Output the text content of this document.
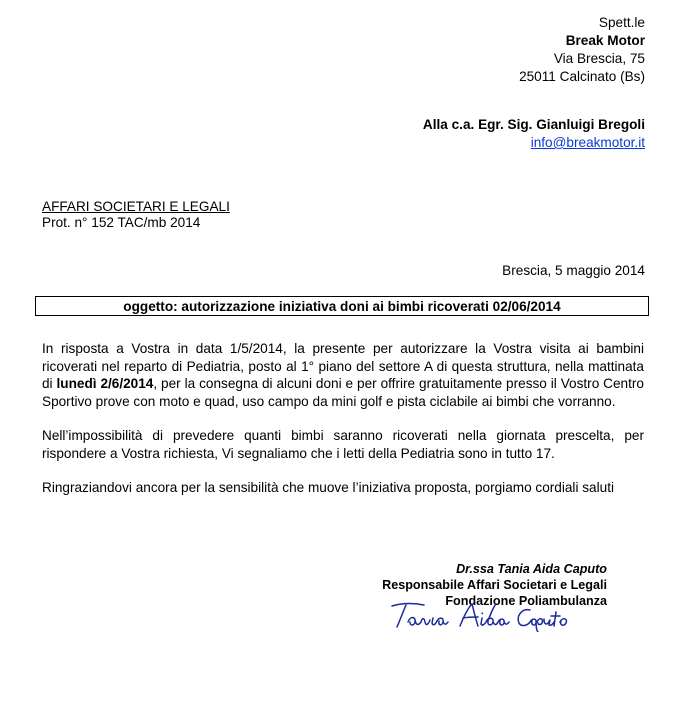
Spett.le
Break Motor
Via Brescia, 75
25011 Calcinato (Bs)
Alla c.a. Egr. Sig. Gianluigi Bregoli
info@breakmotor.it
AFFARI SOCIETARI E LEGALI
Prot. n° 152 TAC/mb 2014
Brescia, 5 maggio 2014
oggetto: autorizzazione iniziativa doni ai bimbi ricoverati 02/06/2014

In risposta a Vostra in data 1/5/2014, la presente per autorizzare la Vostra visita ai bambini ricoverati nel reparto di Pediatria, posto al 1° piano del settore A di questa struttura, nella mattinata di lunedì 2/6/2014, per la consegna di alcuni doni e per offrire gratuitamente presso il Vostro Centro Sportivo prove con moto e quad, uso campo da mini golf e pista ciclabile ai bimbi che vorranno.

Nell’impossibilità di prevedere quanti bimbi saranno ricoverati nella giornata prescelta, per rispondere a Vostra richiesta, Vi segnaliamo che i letti della Pediatria sono in tutto 17.

Ringraziandovi ancora per la sensibilità che muove l’iniziativa proposta, porgiamo cordiali saluti

Dr.ssa Tania Aida Caputo
Responsabile Affari Societari e Legali
Fondazione Poliambulanza
